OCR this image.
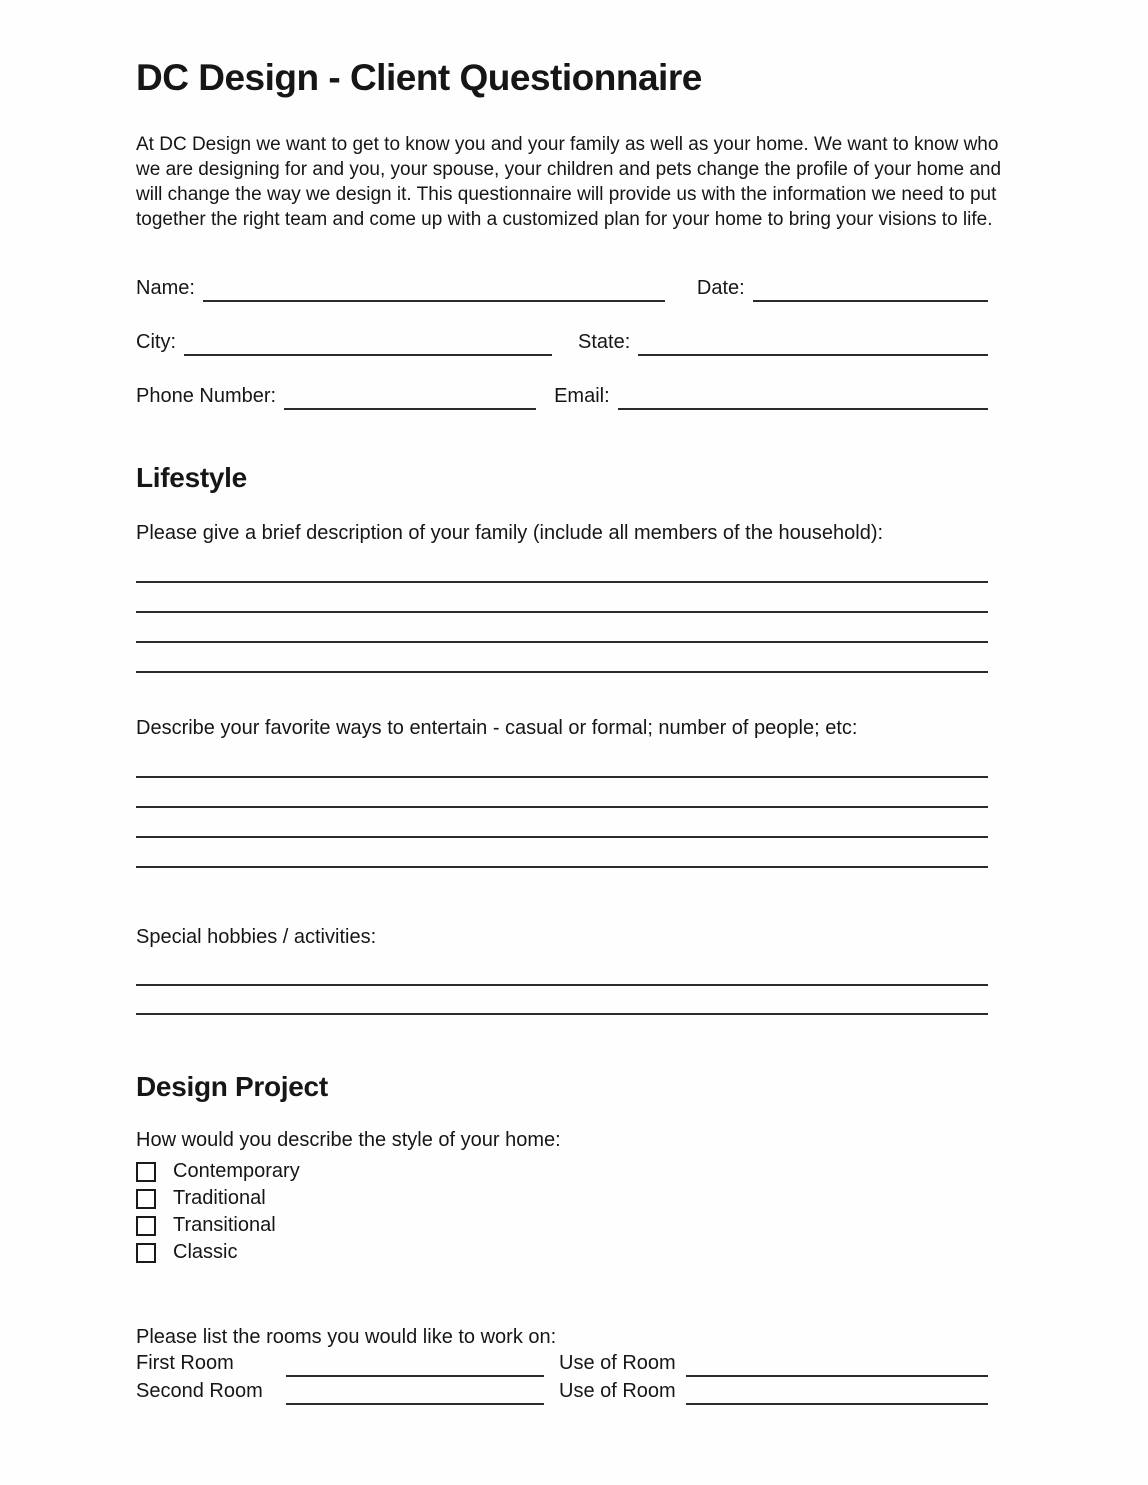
DC Design - Client Questionnaire
At DC Design we want to get to know you and your family as well as your home. We want to know who
we are designing for and you, your spouse, your children and pets change the profile of your home and
will change the way we design it. This questionnaire will provide us with the information we need to put
together the right team and come up with a customized plan for your home to bring your visions to life.
Name:	Date:
City:	State:
Phone Number:	Email:
Lifestyle
Please give a brief description of your family (include all members of the household):
Describe your favorite ways to entertain - casual or formal; number of people; etc:
Special hobbies / activities:
Design Project
How would you describe the style of your home:
Contemporary
Traditional
Transitional
Classic
Please list the rooms you would like to work on:
First Room	Use of Room
Second Room	Use of Room
